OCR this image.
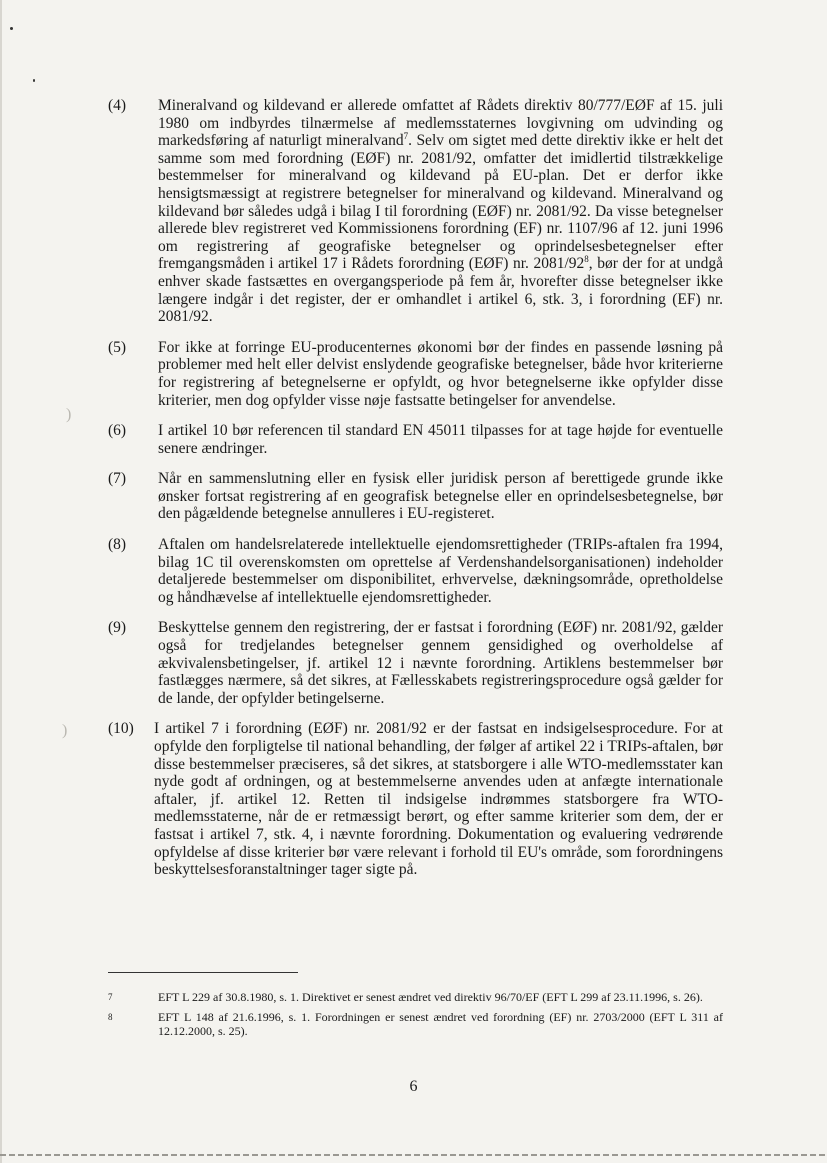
)
)
(4)	Mineralvand og kildevand er allerede omfattet af Rådets direktiv 80/777/EØF af 15. juli 1980 om indbyrdes tilnærmelse af medlemsstaternes lovgivning om udvinding og markedsføring af naturligt mineralvand$^7$. Selv om sigtet med dette direktiv ikke er helt det samme som med forordning (EØF) nr. 2081/92, omfatter det imidlertid tilstrækkelige bestemmelser for mineralvand og kildevand på EU-plan. Det er derfor ikke hensigtsmæssigt at registrere betegnelser for mineralvand og kildevand. Mineralvand og kildevand bør således udgå i bilag I til forordning (EØF) nr. 2081/92. Da visse betegnelser allerede blev registreret ved Kommissionens forordning (EF) nr. 1107/96 af 12. juni 1996 om registrering af geografiske betegnelser og oprindelsesbetegnelser efter fremgangsmåden i artikel 17 i Rådets forordning (EØF) nr. $2081/92^8$, bør der for at undgå enhver skade fastsættes en overgangsperiode på fem år, hvorefter disse betegnelser ikke længere indgår i det register, der er omhandlet i artikel 6, stk. 3, i forordning (EF) nr. 2081/92.
(5)	For ikke at forringe EU-producenternes økonomi bør der findes en passende løsning på problemer med helt eller delvist enslydende geografiske betegnelser, både hvor kriterierne for registrering af betegnelserne er opfyldt, og hvor betegnelserne ikke opfylder disse kriterier, men dog opfylder visse nøje fastsatte betingelser for anvendelse.
(6)	I artikel 10 bør referencen til standard EN 45011 tilpasses for at tage højde for eventuelle senere ændringer.
(7)	Når en sammenslutning eller en fysisk eller juridisk person af berettigede grunde ikke ønsker fortsat registrering af en geografisk betegnelse eller en oprindelsesbetegnelse, bør den pågældende betegnelse annulleres i EU-registeret.
(8)	Aftalen om handelsrelaterede intellektuelle ejendomsrettigheder (TRIPs-aftalen fra 1994, bilag 1C til overenskomsten om oprettelse af Verdenshandelsorganisationen) indeholder detaljerede bestemmelser om disponibilitet, erhvervelse, dækningsområde, opretholdelse og håndhævelse af intellektuelle ejendomsrettigheder.
(9)	Beskyttelse gennem den registrering, der er fastsat i forordning (EØF) nr. 2081/92, gælder også for tredjelandes betegnelser gennem gensidighed og overholdelse af ækvivalensbetingelser, jf. artikel 12 i nævnte forordning. Artiklens bestemmelser bør fastlægges nærmere, så det sikres, at Fællesskabets registreringsprocedure også gælder for de lande, der opfylder betingelserne.
(10)	I artikel 7 i forordning (EØF) nr. 2081/92 er der fastsat en indsigelsesprocedure. For at opfylde den forpligtelse til national behandling, der følger af artikel 22 i TRIPs-aftalen, bør disse bestemmelser præciseres, så det sikres, at statsborgere i alle WTO-medlemsstater kan nyde godt af ordningen, og at bestemmelserne anvendes uden at anfægte internationale aftaler, jf. artikel 12. Retten til indsigelse indrømmes statsborgere fra WTO-medlemsstaterne, når de er retmæssigt berørt, og efter samme kriterier som dem, der er fastsat i artikel 7, stk. 4, i nævnte forordning. Dokumentation og evaluering vedrørende opfyldelse af disse kriterier bør være relevant i forhold til EU's område, som forordningens beskyttelsesforanstaltninger tager sigte på.
7	EFT L 229 af 30.8.1980, s. 1. Direktivet er senest ændret ved direktiv 96/70/EF (EFT L 299 af 23.11.1996, s. 26).
8	EFT L 148 af 21.6.1996, s. 1. Forordningen er senest ændret ved forordning (EF) nr. 2703/2000 (EFT L 311 af 12.12.2000, s. 25).
6
